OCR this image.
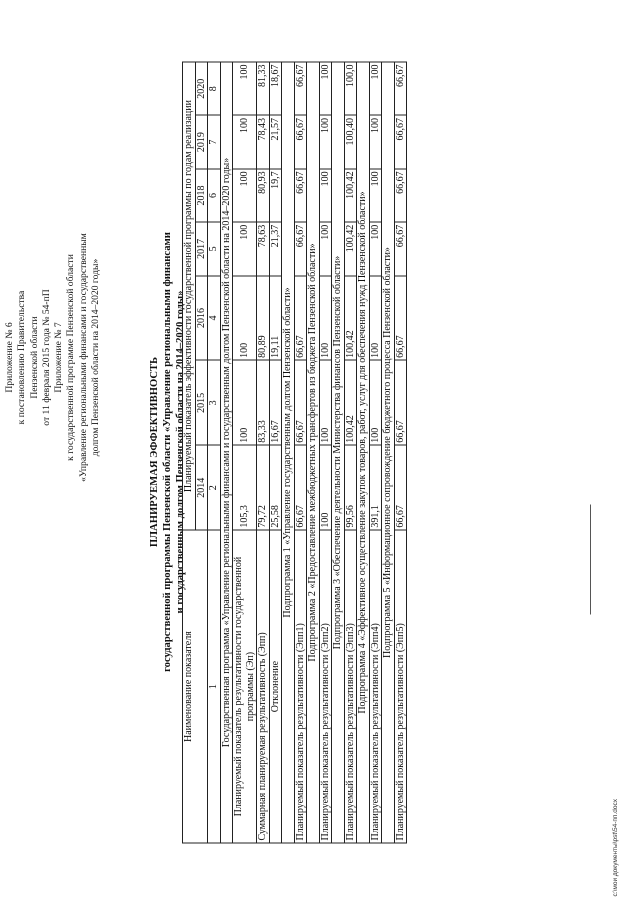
Приложение № 6 к постановлению Правительства Пензенской области от 11 февраля 2015 года № 54-пП Приложение № 7 к государственной программе Пензенской области «Управление региональными финансами и государственным долгом Пензенской области на 2014–2020 годы»	ПЛАНИРУЕМАЯ ЭФФЕКТИВНОСТЬ государственной программы Пензенской области «Управление региональными финансами и государственным долгом Пензенской области на 2014–2020 годы»
Наименование показателя	Планируемый показатель эффективности государственной программы по годам реализации						
	2014	2015	2016	2017	2018	2019	2020
1	2	3	4	5	6	7	8
Государственная программа «Управление региональными финансами и государственным долгом Пензенской области на 2014–2020 годы»							
Планируемый показатель результативности государственной программы (Эп)	105,3	100	100	100	100	100	100
Суммарная планируемая результативность (Эпп)	79,72	83,33	80,89	78,63	80,93	78,43	81,33
Отклонение	25,58	16,67	19,11	21,37	19,7	21,57	18,67
Подпрограмма 1 «Управление государственным долгом Пензенской области»							
Планируемый показатель результативности (Эпп1)	66,67	66,67	66,67	66,67	66,67	66,67	66,67
Подпрограмма 2 «Предоставление межбюджетных трансфертов из бюджета Пензенской области»							
Планируемый показатель результативности (Эпп2)	100	100	100	100	100	100	100
Подпрограмма 3 «Обеспечение деятельности Министерства финансов Пензенской области»							
Планируемый показатель результативности (Эпп3)	99,56	100,42	100,42	100,42	100,42	100,40	100,0
Подпрограмма 4 «Эффективное осуществление закупок товаров, работ, услуг для обеспечения нужд Пензенской области»							
Планируемый показатель результативности (Эпп4)	391,1	100	100	100	100	100	100
Подпрограмма 5 «Информационное сопровождение бюджетного процесса Пензенской области»							
Планируемый показатель результативности (Эпп5)	66,67	66,67	66,67	66,67	66,67	66,67	66,67
c:\мои документы\pst\54-пп.docx
